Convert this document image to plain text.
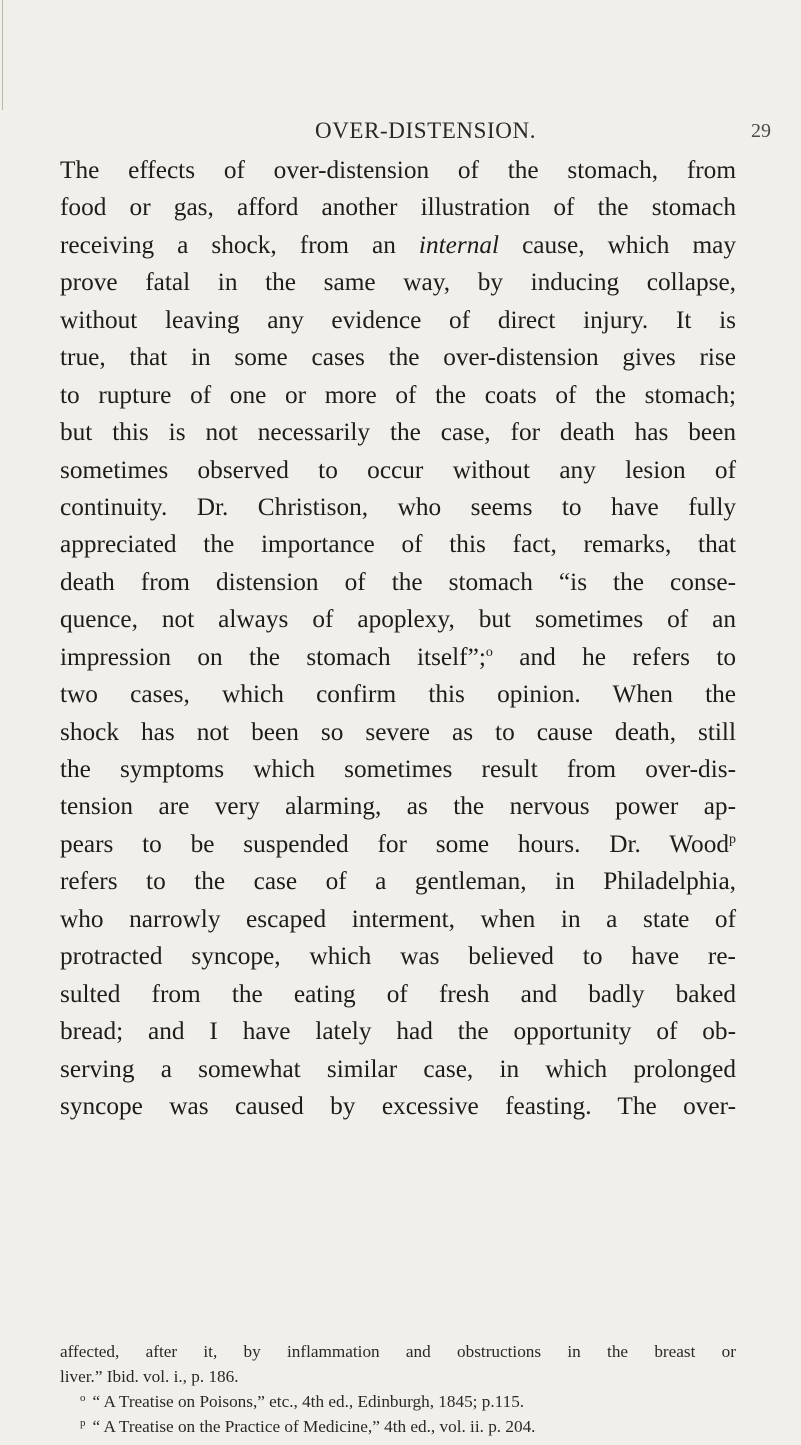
OVER-DISTENSION.	29
The effects of over-distension of the stomach, from
food or gas, afford another illustration of the stomach
receiving a shock, from an internal cause, which may
prove fatal in the same way, by inducing collapse,
without leaving any evidence of direct injury. It is
true, that in some cases the over-distension gives rise
to rupture of one or more of the coats of the stomach;
but this is not necessarily the case, for death has been
sometimes observed to occur without any lesion of
continuity. Dr. Christison, who seems to have fully
appreciated the importance of this fact, remarks, that
death from distension of the stomach “is the conse-
quence, not always of apoplexy, but sometimes of an
impression on the stomach itself”;$^o$ and he refers to
two cases, which confirm this opinion. When the
shock has not been so severe as to cause death, still
the symptoms which sometimes result from over-dis-
tension are very alarming, as the nervous power ap-
pears to be suspended for some hours. Dr. Wood$^p$
refers to the case of a gentleman, in Philadelphia,
who narrowly escaped interment, when in a state of
protracted syncope, which was believed to have re-
sulted from the eating of fresh and badly baked
bread; and I have lately had the opportunity of ob-
serving a somewhat similar case, in which prolonged
syncope was caused by excessive feasting. The over-
affected, after it, by inflammation and obstructions in the breast or
liver.” Ibid. vol. i., p. 186.
$^o$ “ A Treatise on Poisons,” etc., 4th ed., Edinburgh, 1845; p.115.
$^p$ “ A Treatise on the Practice of Medicine,” 4th ed., vol. ii. p. 204.
